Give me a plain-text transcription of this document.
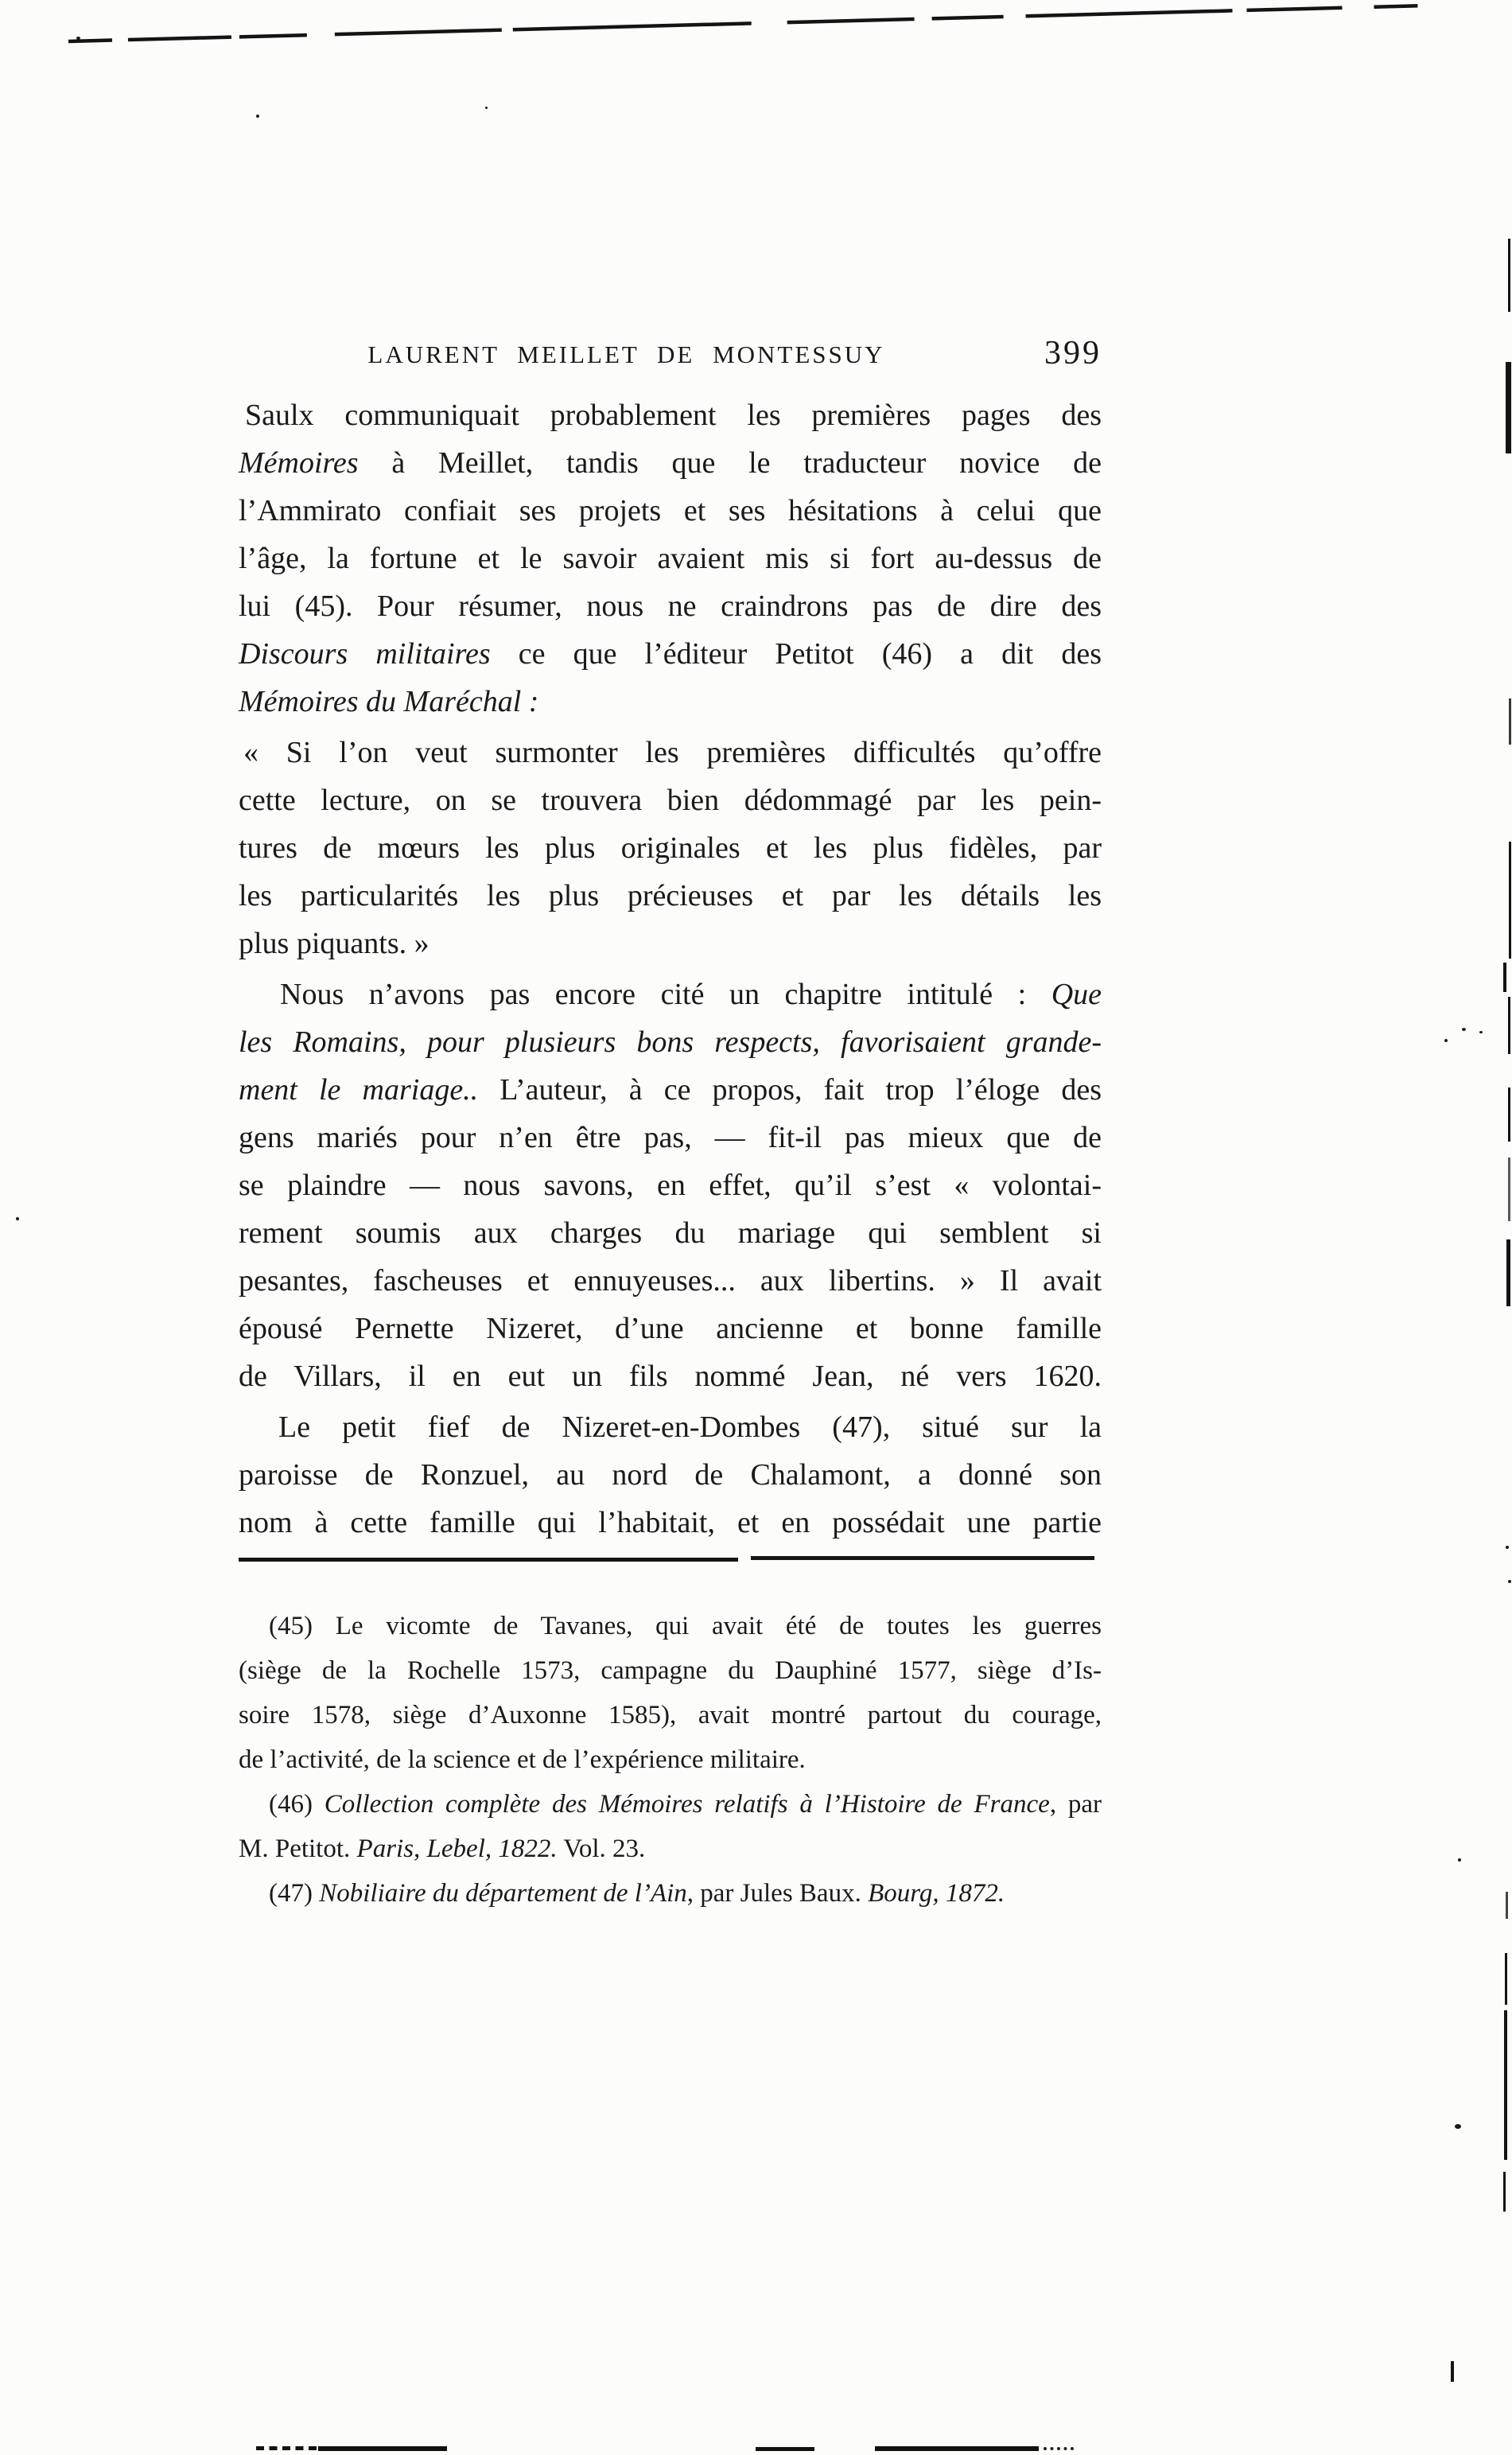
LAURENT MEILLET DE MONTESSUY	399
Saulx communiquait probablement les premières pages des
Mémoires à Meillet, tandis que le traducteur novice de
l’Ammirato confiait ses projets et ses hésitations à celui que
l’âge, la fortune et le savoir avaient mis si fort au-dessus de
lui (45). Pour résumer, nous ne craindrons pas de dire des
Discours militaires ce que l’éditeur Petitot (46) a dit des
Mémoires du Maréchal :
« Si l’on veut surmonter les premières difficultés qu’offre
cette lecture, on se trouvera bien dédommagé par les pein-
tures de mœurs les plus originales et les plus fidèles, par
les particularités les plus précieuses et par les détails les
plus piquants. »
Nous n’avons pas encore cité un chapitre intitulé : Que
les Romains, pour plusieurs bons respects, favorisaient grande-
ment le mariage.. L’auteur, à ce propos, fait trop l’éloge des
gens mariés pour n’en être pas, — fit-il pas mieux que de
se plaindre — nous savons, en effet, qu’il s’est « volontai-
rement soumis aux charges du mariage qui semblent si
pesantes, fascheuses et ennuyeuses... aux libertins. » Il avait
épousé Pernette Nizeret, d’une ancienne et bonne famille
de Villars, il en eut un fils nommé Jean, né vers 1620.
Le petit fief de Nizeret-en-Dombes (47), situé sur la
paroisse de Ronzuel, au nord de Chalamont, a donné son
nom à cette famille qui l’habitait, et en possédait une partie
(45) Le vicomte de Tavanes, qui avait été de toutes les guerres
(siège de la Rochelle 1573, campagne du Dauphiné 1577, siège d’Is-
soire 1578, siège d’Auxonne 1585), avait montré partout du courage,
de l’activité, de la science et de l’expérience militaire.
(46) Collection complète des Mémoires relatifs à l’Histoire de France, par
M. Petitot. Paris, Lebel, 1822. Vol. 23.
(47) Nobiliaire du département de l’Ain, par Jules Baux. Bourg, 1872.
